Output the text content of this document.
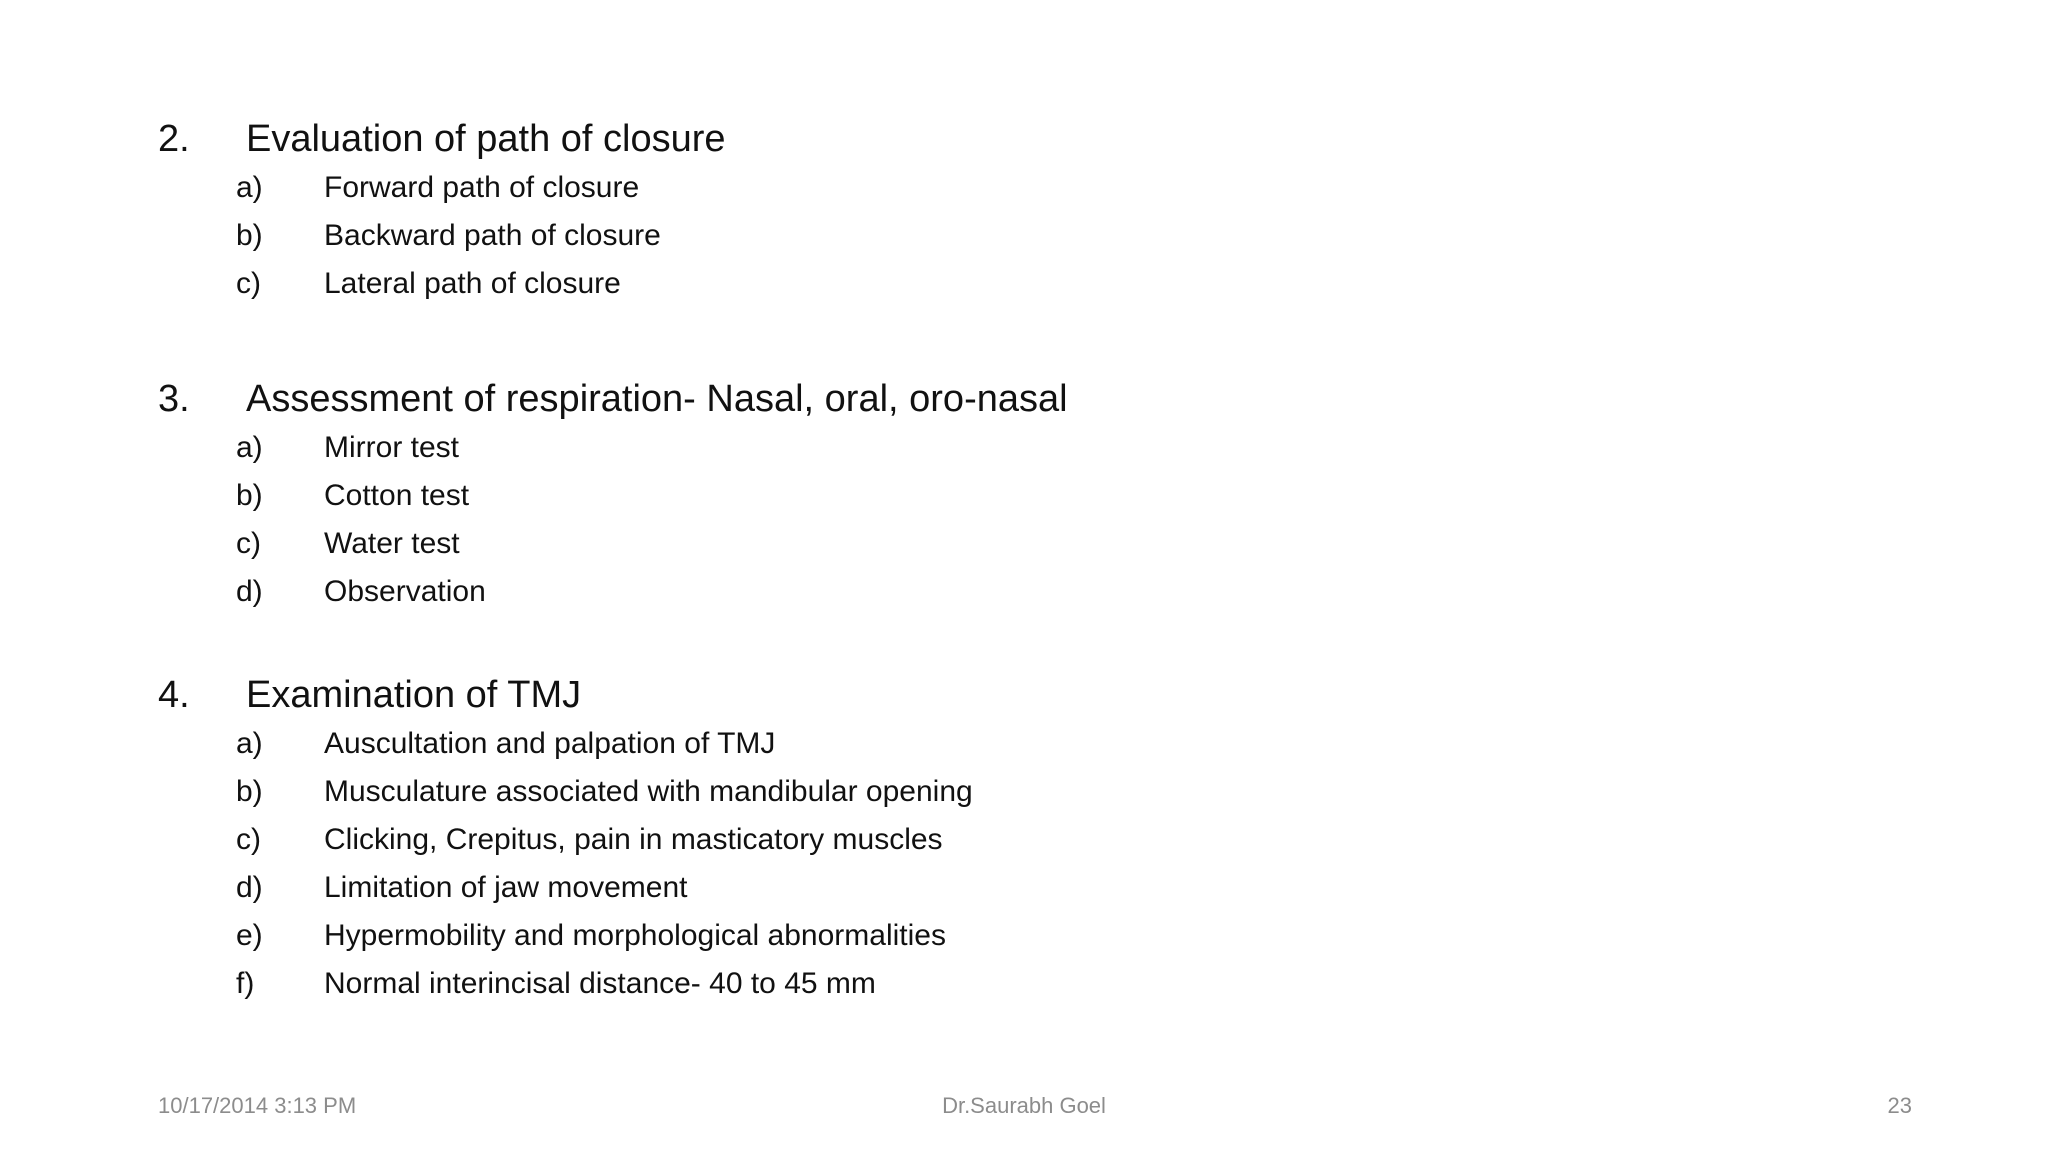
2.	Evaluation of path of closure
a)	Forward path of closure
b)	Backward path of closure
c)	Lateral path of closure
3.	Assessment of respiration- Nasal, oral, oro-nasal
a)	Mirror test
b)	Cotton test
c)	Water test
d)	Observation
4.	Examination of TMJ
a)	Auscultation and palpation of TMJ
b)	Musculature associated with mandibular opening
c)	Clicking, Crepitus, pain in masticatory muscles
d)	Limitation of jaw movement
e)	Hypermobility and morphological abnormalities
f)	Normal interincisal distance- 40 to 45 mm
10/17/2014 3:13 PM	Dr.Saurabh Goel	23
